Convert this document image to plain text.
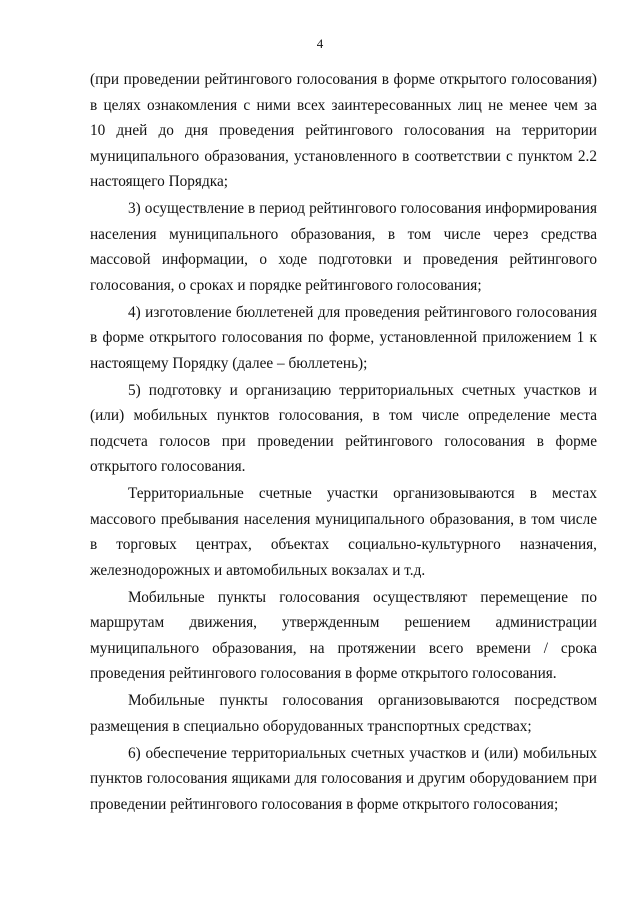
4
(при проведении рейтингового голосования в форме открытого голосования)
в целях ознакомления с ними всех заинтересованных лиц не менее чем за
10 дней до дня проведения рейтингового голосования на территории
муниципального образования, установленного в соответствии с пунктом 2.2
настоящего Порядка;
3) осуществление в период рейтингового голосования информирования
населения муниципального образования, в том числе через средства
массовой информации, о ходе подготовки и проведения рейтингового
голосования, о сроках и порядке рейтингового голосования;
4) изготовление бюллетеней для проведения рейтингового голосования
в форме открытого голосования по форме, установленной приложением 1 к
настоящему Порядку (далее – бюллетень);
5) подготовку и организацию территориальных счетных участков и
(или) мобильных пунктов голосования, в том числе определение места
подсчета голосов при проведении рейтингового голосования в форме
открытого голосования.
Территориальные счетные участки организовываются в местах
массового пребывания населения муниципального образования, в том числе
в торговых центрах, объектах социально-культурного назначения,
железнодорожных и автомобильных вокзалах и т.д.
Мобильные пункты голосования осуществляют перемещение по
маршрутам движения, утвержденным решением администрации
муниципального образования, на протяжении всего времени / срока
проведения рейтингового голосования в форме открытого голосования.
Мобильные пункты голосования организовываются посредством
размещения в специально оборудованных транспортных средствах;
6) обеспечение территориальных счетных участков и (или) мобильных
пунктов голосования ящиками для голосования и другим оборудованием при
проведении рейтингового голосования в форме открытого голосования;
